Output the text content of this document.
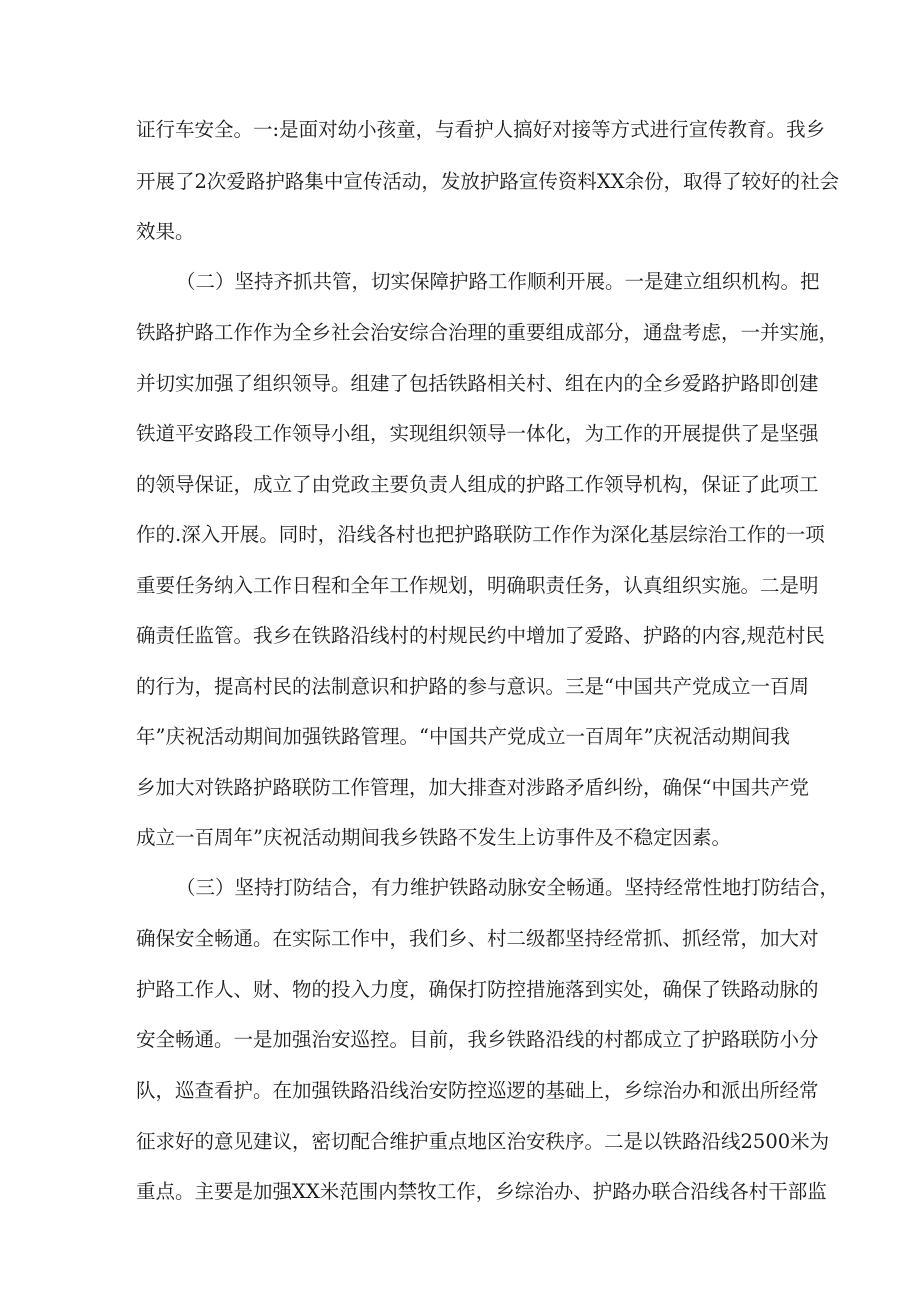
证行车安全。一:是面对幼小孩童，与看护人搞好对接等方式进行宣传教育。我乡
开展了2次爱路护路集中宣传活动，发放护路宣传资料XX余份，取得了较好的社会
效果。
（二）坚持齐抓共管，切实保障护路工作顺利开展。一是建立组织机构。把
铁路护路工作作为全乡社会治安综合治理的重要组成部分，通盘考虑，一并实施，
并切实加强了组织领导。组建了包括铁路相关村、组在内的全乡爱路护路即创建
铁道平安路段工作领导小组，实现组织领导一体化，为工作的开展提供了是坚强
的领导保证，成立了由党政主要负责人组成的护路工作领导机构，保证了此项工
作的.深入开展。同时，沿线各村也把护路联防工作作为深化基层综治工作的一项
重要任务纳入工作日程和全年工作规划，明确职责任务，认真组织实施。二是明
确责任监管。我乡在铁路沿线村的村规民约中增加了爱路、护路的内容,规范村民
的行为，提高村民的法制意识和护路的参与意识。三是“中国共产党成立一百周
年”庆祝活动期间加强铁路管理。“中国共产党成立一百周年”庆祝活动期间我
乡加大对铁路护路联防工作管理，加大排查对涉路矛盾纠纷，确保“中国共产党
成立一百周年”庆祝活动期间我乡铁路不发生上访事件及不稳定因素。
（三）坚持打防结合，有力维护铁路动脉安全畅通。坚持经常性地打防结合，
确保安全畅通。在实际工作中，我们乡、村二级都坚持经常抓、抓经常，加大对
护路工作人、财、物的投入力度，确保打防控措施落到实处，确保了铁路动脉的
安全畅通。一是加强治安巡控。目前，我乡铁路沿线的村都成立了护路联防小分
队，巡查看护。在加强铁路沿线治安防控巡逻的基础上，乡综治办和派出所经常
征求好的意见建议，密切配合维护重点地区治安秩序。二是以铁路沿线2500米为
重点。主要是加强XX米范围内禁牧工作，乡综治办、护路办联合沿线各村干部监
